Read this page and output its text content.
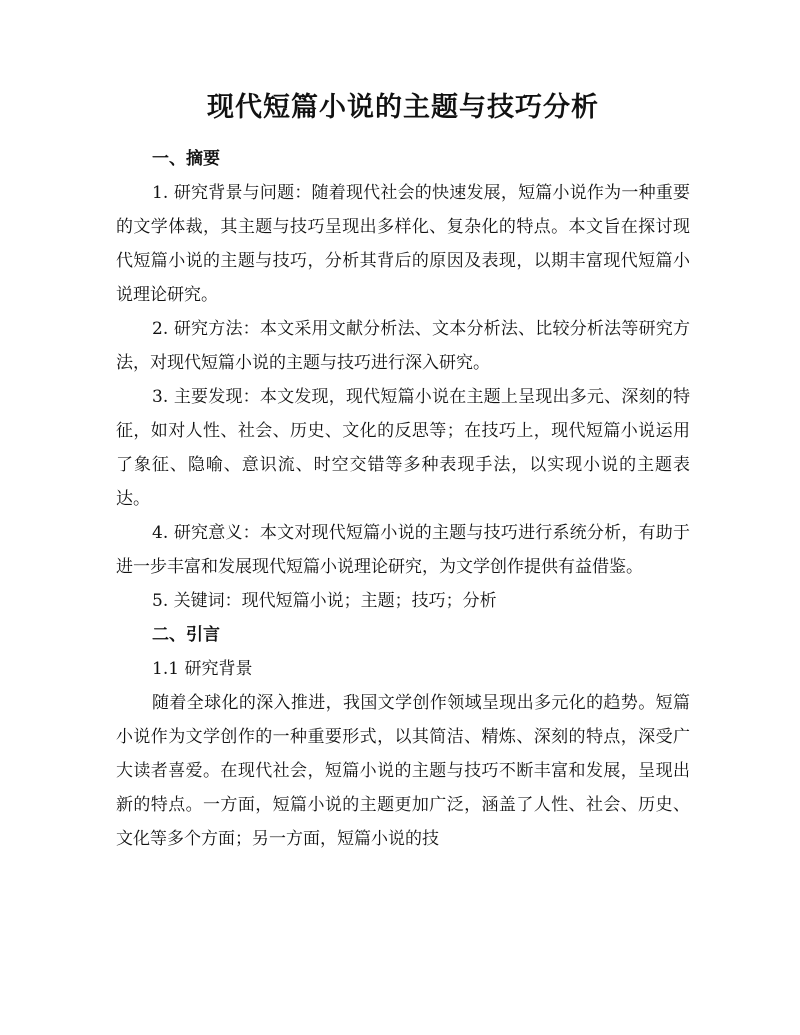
现代短篇小说的主题与技巧分析

一、摘要

1. 研究背景与问题：随着现代社会的快速发展，短篇小说作为一种重要的文学体裁，其主题与技巧呈现出多样化、复杂化的特点。本文旨在探讨现代短篇小说的主题与技巧，分析其背后的原因及表现，以期丰富现代短篇小说理论研究。

2. 研究方法：本文采用文献分析法、文本分析法、比较分析法等研究方法，对现代短篇小说的主题与技巧进行深入研究。

3. 主要发现：本文发现，现代短篇小说在主题上呈现出多元、深刻的特征，如对人性、社会、历史、文化的反思等；在技巧上，现代短篇小说运用了象征、隐喻、意识流、时空交错等多种表现手法，以实现小说的主题表达。

4. 研究意义：本文对现代短篇小说的主题与技巧进行系统分析，有助于进一步丰富和发展现代短篇小说理论研究，为文学创作提供有益借鉴。

5. 关键词：现代短篇小说；主题；技巧；分析

二、引言

1.1 研究背景

随着全球化的深入推进，我国文学创作领域呈现出多元化的趋势。短篇小说作为文学创作的一种重要形式，以其简洁、精炼、深刻的特点，深受广大读者喜爱。在现代社会，短篇小说的主题与技巧不断丰富和发展，呈现出新的特点。一方面，短篇小说的主题更加广泛，涵盖了人性、社会、历史、文化等多个方面；另一方面，短篇小说的技
